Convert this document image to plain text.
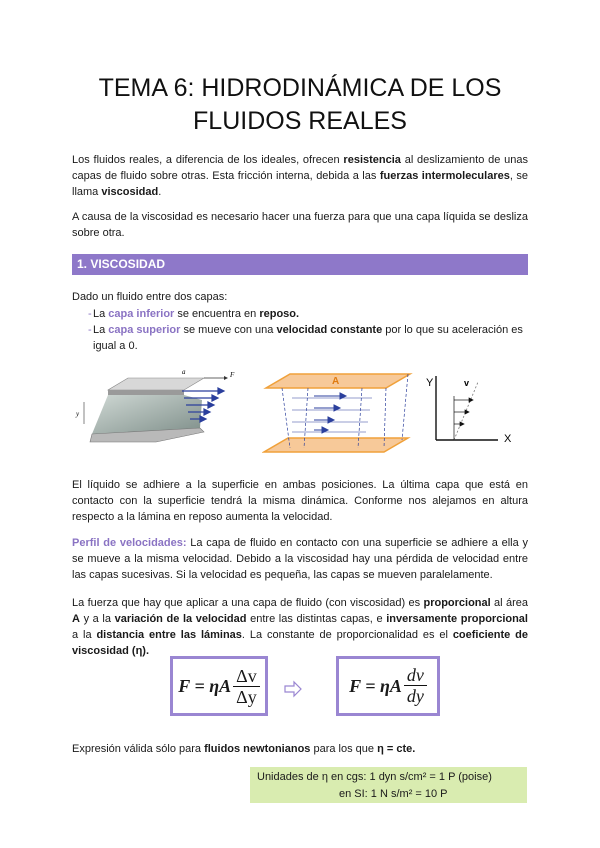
TEMA 6: HIDRODINÁMICA DE LOS
FLUIDOS REALES

Los fluidos reales, a diferencia de los ideales, ofrecen resistencia al deslizamiento de unas capas de fluido sobre otras. Esta fricción interna, debida a las fuerzas intermoleculares, se llama viscosidad.

A causa de la viscosidad es necesario hacer una fuerza para que una capa líquida se desliza sobre otra.

1. VISCOSIDAD

Dado un fluido entre dos capas:

- La capa inferior se encuentra en reposo.
- La capa superior se mueve con una velocidad constante por lo que su aceleración es igual a 0.
a	F
y
A	Y
X
v

El líquido se adhiere a la superficie en ambas posiciones. La última capa que está en contacto con la superficie tendrá la misma dinámica. Conforme nos alejamos en altura respecto a la lámina en reposo aumenta la velocidad.

Perfil de velocidades: La capa de fluido en contacto con una superficie se adhiere a ella y se mueve a la misma velocidad. Debido a la viscosidad hay una pérdida de velocidad entre las capas sucesivas. Si la velocidad es pequeña, las capas se mueven paralelamente.

La fuerza que hay que aplicar a una capa de fluido (con viscosidad) es proporcional al área A y a la variación de la velocidad entre las distintas capas, e inversamente proporcional a la distancia entre las láminas. La constante de proporcionalidad es el coeficiente de viscosidad (η).

F = ηA $\frac{\Delta v}{\Delta y}$	F = ηA
dv
dy

Expresión válida sólo para fluidos newtonianos para los que η = cte.

Unidades de η en cgs: 1 dyn s/cm² = 1 P (poise)
en SI: 1 N s/m² = 10 P
